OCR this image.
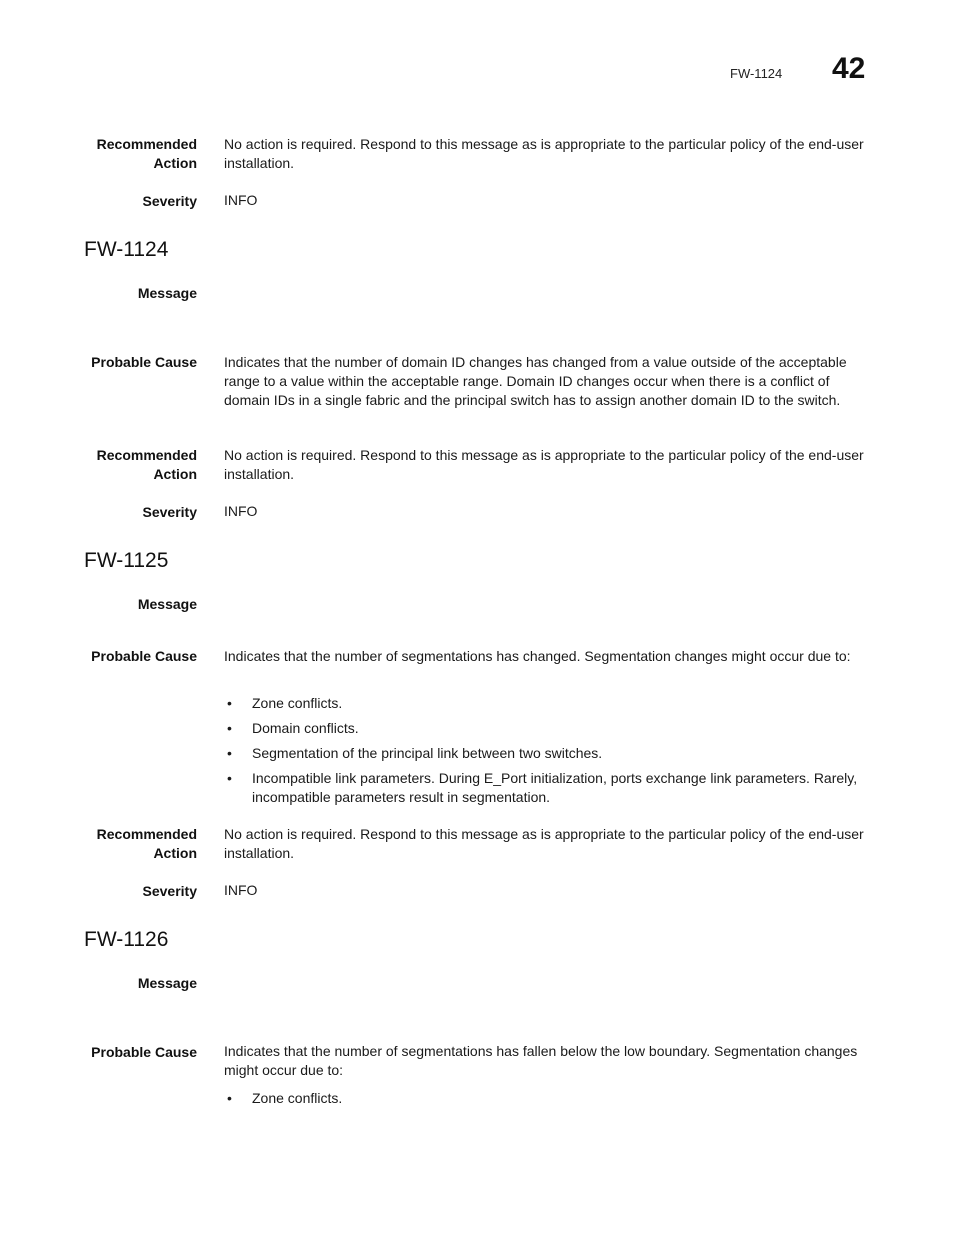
FW-1124 42
Recommended Action
No action is required. Respond to this message as is appropriate to the particular policy of the end-user installation.
Severity INFO
FW-1124
Message
Probable Cause Indicates that the number of domain ID changes has changed from a value outside of the acceptable range to a value within the acceptable range. Domain ID changes occur when there is a conflict of domain IDs in a single fabric and the principal switch has to assign another domain ID to the switch.
Recommended Action
No action is required. Respond to this message as is appropriate to the particular policy of the end-user installation.
Severity INFO
FW-1125
Message
Probable Cause Indicates that the number of segmentations has changed. Segmentation changes might occur due to:
• Zone conflicts.
• Domain conflicts.
• Segmentation of the principal link between two switches.
• Incompatible link parameters. During E_Port initialization, ports exchange link parameters. Rarely, incompatible parameters result in segmentation.
Recommended Action
No action is required. Respond to this message as is appropriate to the particular policy of the end-user installation.
Severity INFO
FW-1126
Message
Probable Cause Indicates that the number of segmentations has fallen below the low boundary. Segmentation changes might occur due to:
• Zone conflicts.
